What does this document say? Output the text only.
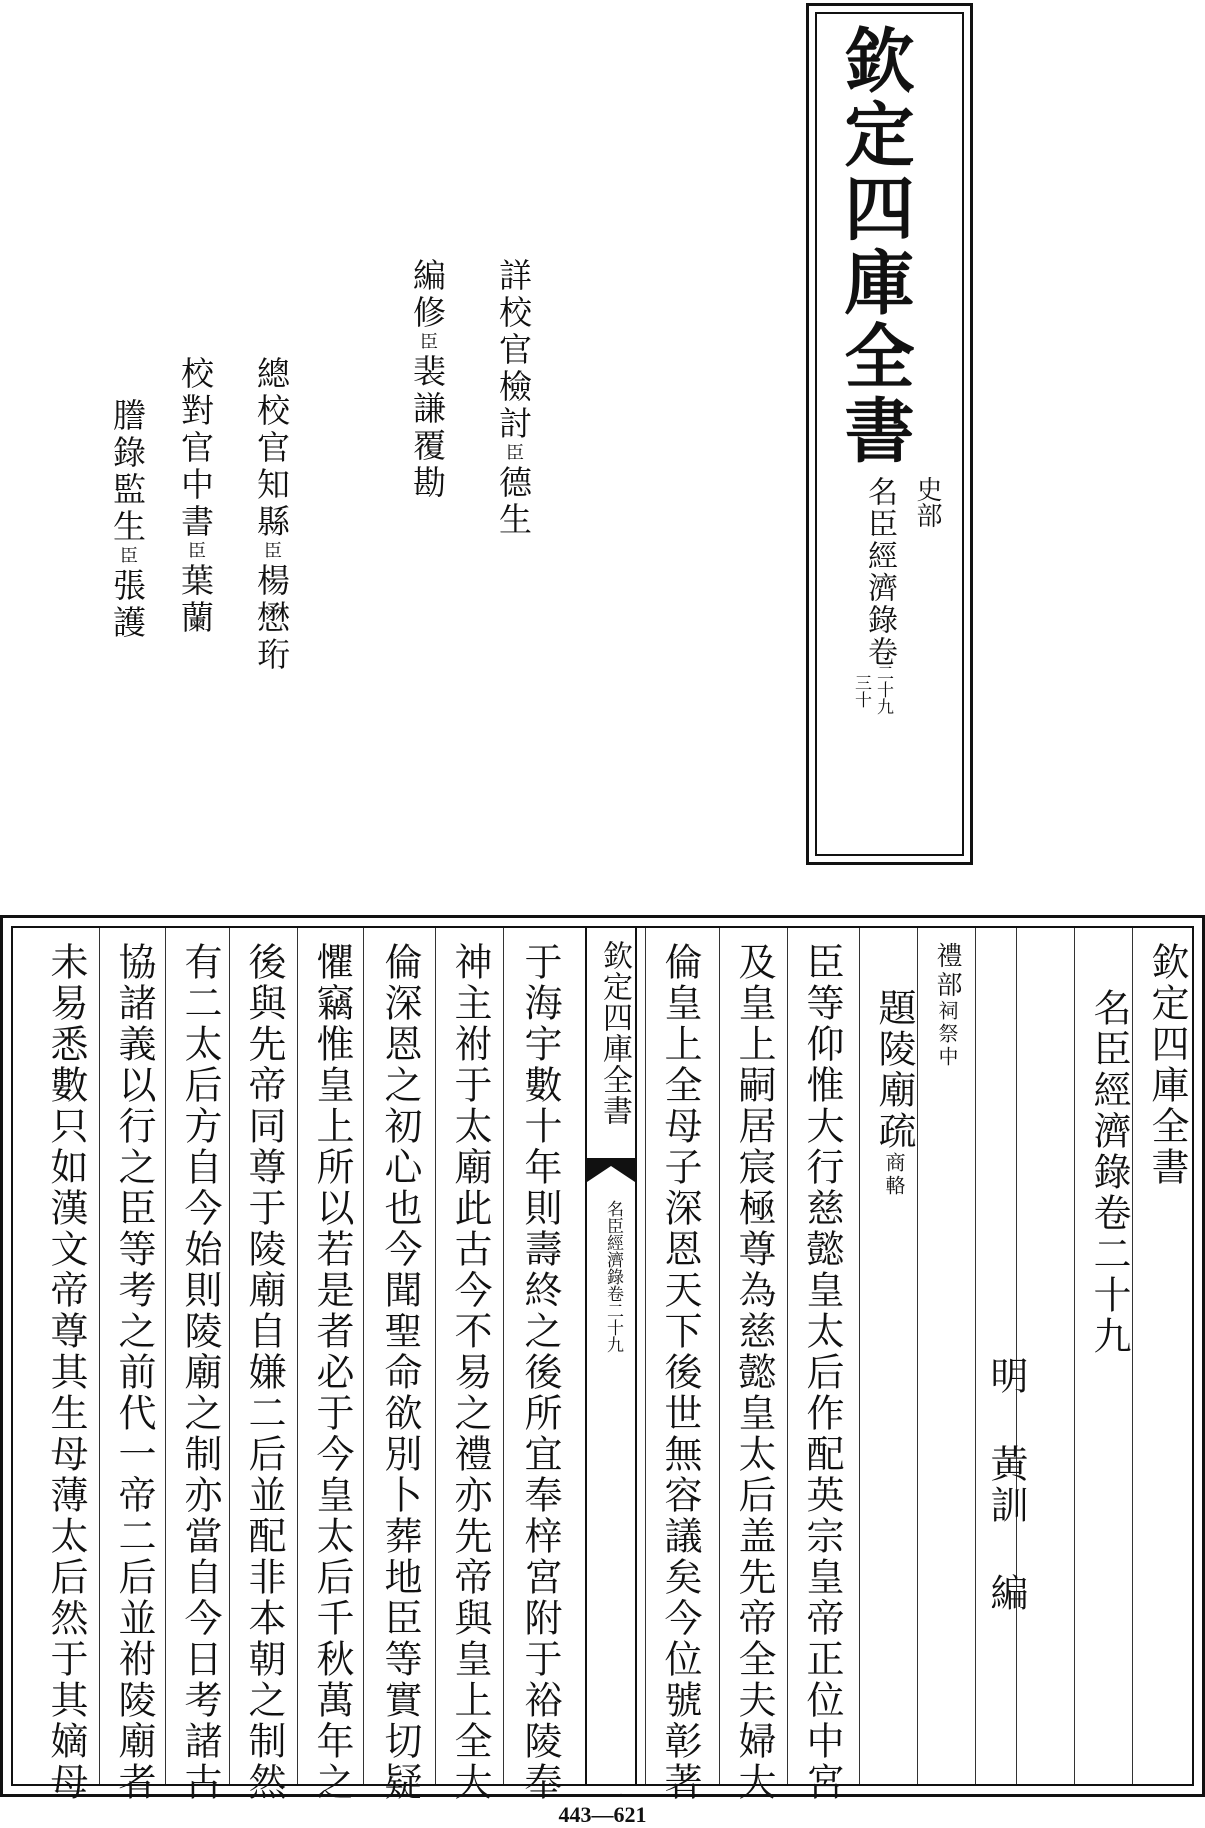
欽定四庫全書
史部
名臣經濟錄卷
二十九
三十
詳校官檢討臣德生
編修臣裴謙覆勘
總校官知縣臣楊懋珩
校對官中書臣葉蘭
謄錄監生臣張護
欽定四庫全書
名臣經濟錄卷二十九
明 黃訓 編
禮部祠祭中
題陵廟疏商輅
臣等仰惟大行慈懿皇太后作配英宗皇帝正位中宮
及皇上嗣居宸極尊為慈懿皇太后盖先帝全夫婦大
倫皇上全母子深恩天下後世無容議矣今位號彰著
欽定四庫全書
名臣經濟錄卷二十九
一
于海宇數十年則壽終之後所宜奉梓宮附于裕陵奉
神主祔于太廟此古今不易之禮亦先帝與皇上全大
倫深恩之初心也今聞聖命欲別卜葬地臣等實切疑
懼竊惟皇上所以若是者必于今皇太后千秋萬年之
後與先帝同尊于陵廟自嫌二后並配非本朝之制然
有二太后方自今始則陵廟之制亦當自今日考諸古
協諸義以行之臣等考之前代一帝二后並祔陵廟者
未易悉數只如漢文帝尊其生母薄太后然于其嫡母
443—621
